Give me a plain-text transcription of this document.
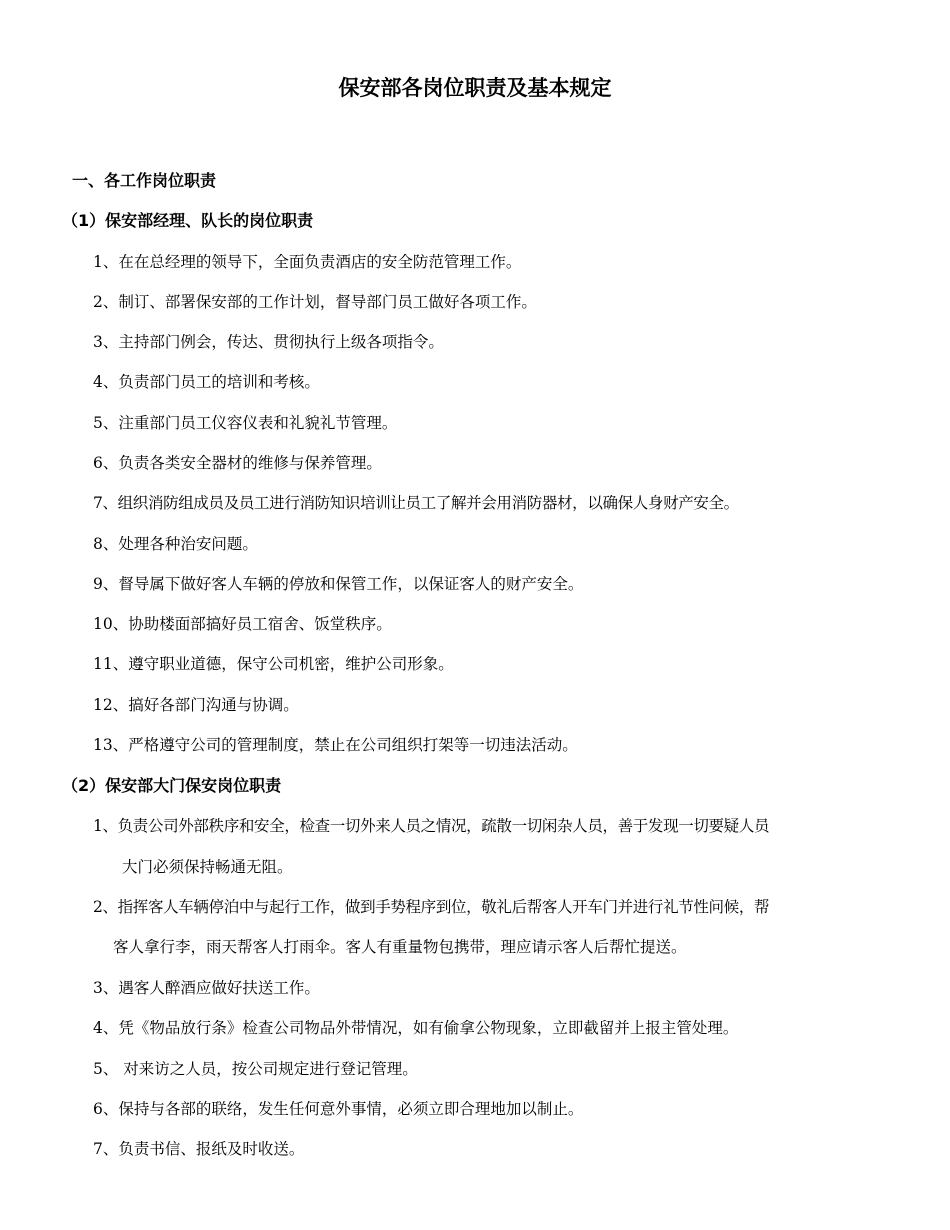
保安部各岗位职责及基本规定
一、各工作岗位职责
（1）保安部经理、队长的岗位职责
1、在在总经理的领导下，全面负责酒店的安全防范管理工作。
2、制订、部署保安部的工作计划，督导部门员工做好各项工作。
3、主持部门例会，传达、贯彻执行上级各项指令。
4、负责部门员工的培训和考核。
5、注重部门员工仪容仪表和礼貌礼节管理。
6、负责各类安全器材的维修与保养管理。
7、组织消防组成员及员工进行消防知识培训让员工了解并会用消防器材，以确保人身财产安全。
8、处理各种治安问题。
9、督导属下做好客人车辆的停放和保管工作，以保证客人的财产安全。
10、协助楼面部搞好员工宿舍、饭堂秩序。
11、遵守职业道德，保守公司机密，维护公司形象。
12、搞好各部门沟通与协调。
13、严格遵守公司的管理制度，禁止在公司组织打架等一切违法活动。
（2）保安部大门保安岗位职责
1、负责公司外部秩序和安全，检查一切外来人员之情况，疏散一切闲杂人员，善于发现一切要疑人员
大门必须保持畅通无阻。
2、指挥客人车辆停泊中与起行工作，做到手势程序到位，敬礼后帮客人开车门并进行礼节性问候，帮
客人拿行李，雨天帮客人打雨伞。客人有重量物包携带，理应请示客人后帮忙提送。
3、遇客人醉酒应做好扶送工作。
4、凭《物品放行条》检查公司物品外带情况，如有偷拿公物现象，立即截留并上报主管处理。
5、 对来访之人员，按公司规定进行登记管理。
6、保持与各部的联络，发生任何意外事情，必须立即合理地加以制止。
7、负责书信、报纸及时收送。
